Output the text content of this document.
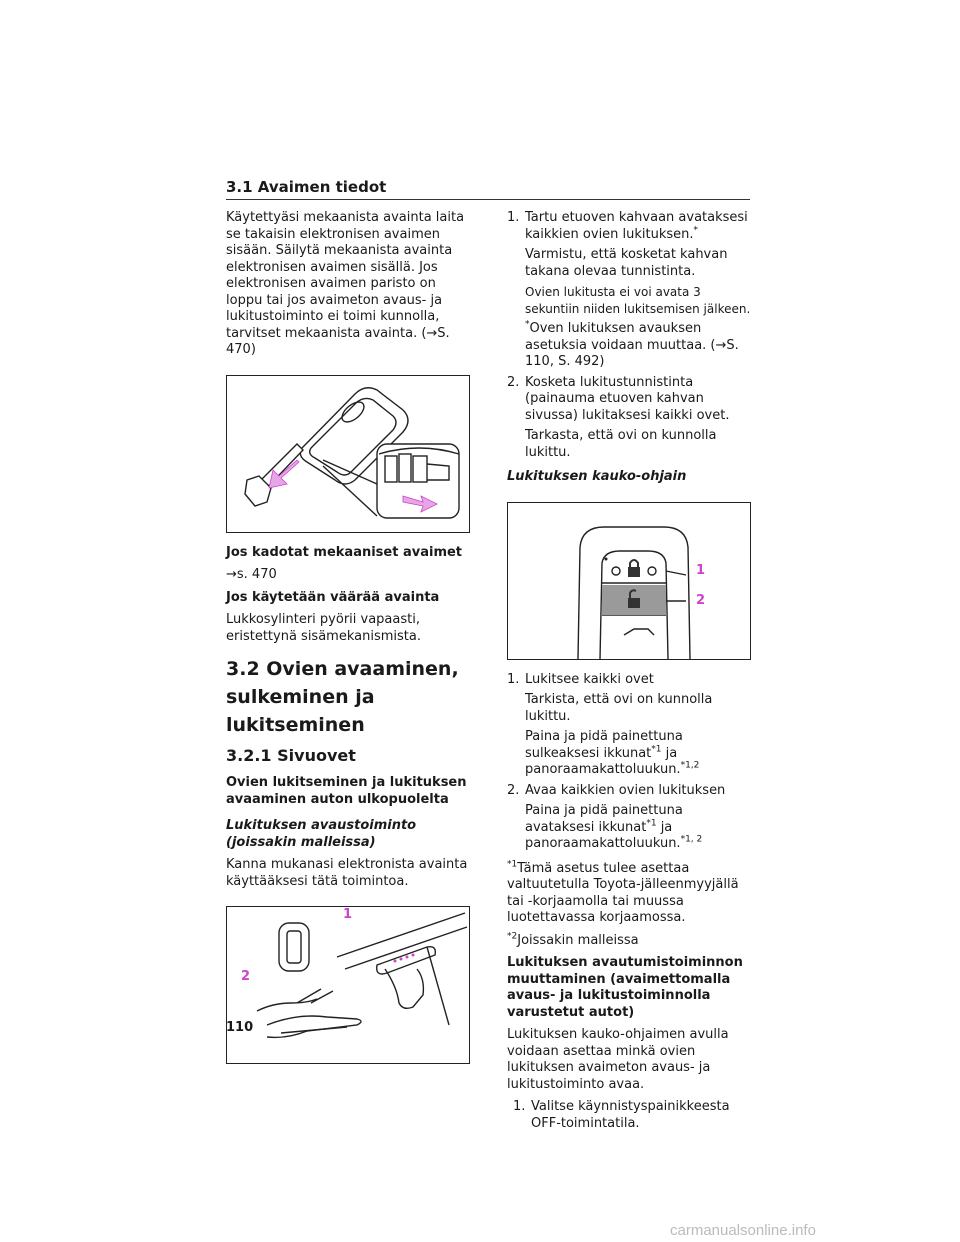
3.1 Avaimen tiedot

Käytettyäsi mekaanista avainta laita se takaisin elektronisen avaimen sisään. Säilytä mekaanista avainta elektronisen avaimen sisällä. Jos elektronisen avaimen paristo on loppu tai jos avaimeton avaus- ja lukitustoiminto ei toimi kunnolla, tarvitset mekaanista avainta. (→S. 470)

Jos kadotat mekaaniset avaimet

→s. 470

Jos käytetään väärää avainta

Lukkosylinteri pyörii vapaasti, eristettynä sisämekanismista.

3.2 Ovien avaaminen, sulkeminen ja lukitseminen
3.2.1 Sivuovet

Ovien lukitseminen ja lukituksen avaaminen auton ulkopuolelta

Lukituksen avaustoiminto (joissakin malleissa)

Kanna mukanasi elektronista avainta käyttääksesi tätä toimintoa.

1
2
1. Tartu etuoven kahvaan avataksesi kaikkien ovien lukituksen.*

Varmistu, että kosketat kahvan takana olevaa tunnistinta.

Ovien lukitusta ei voi avata 3 sekuntiin niiden lukitsemisen jälkeen.

*Oven lukituksen avauksen asetuksia voidaan muuttaa. (→S. 110, S. 492)

2. Kosketa lukitustunnistinta (painauma etuoven kahvan sivussa) lukitaksesi kaikki ovet.

Tarkasta, että ovi on kunnolla lukittu.

Lukituksen kauko-ohjain

1
2
1. Lukitsee kaikki ovet

Tarkista, että ovi on kunnolla lukittu.

Paina ja pidä painettuna sulkeaksesi ikkunat$^{*1}$ ja panoraamakattoluukun.$^{*1,2}$

2. Avaa kaikkien ovien lukituksen

Paina ja pidä painettuna avataksesi ikkunat$^{*1}$ ja panoraamakattoluukun.$^{*1, 2}$

$^{*1}$Tämä asetus tulee asettaa valtuutetulla Toyota-jälleenmyyjällä tai -korjaamolla tai muussa luotettavassa korjaamossa.

$^{*2}$Joissakin malleissa

Lukituksen avautumistoiminnon muuttaminen (avaimettomalla avaus- ja lukitustoiminnolla varustetut autot)

Lukituksen kauko-ohjaimen avulla voidaan asettaa minkä ovien lukituksen avaimeton avaus- ja lukitustoiminto avaa.

1. Valitse käynnistyspainikkeesta OFF-toimintatila.
110
carmanualsonline.info
